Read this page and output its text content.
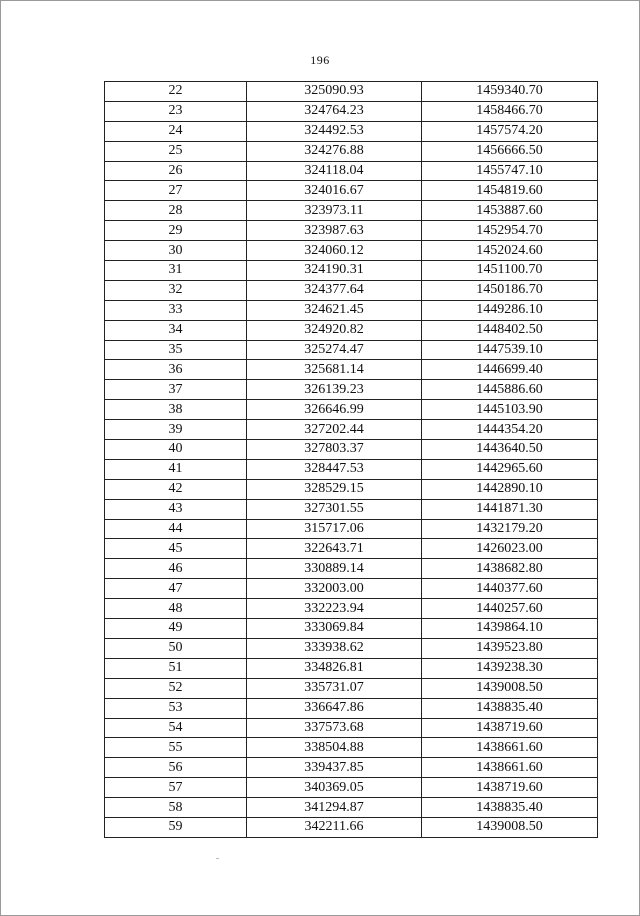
196
22	325090.93	1459340.70
23	324764.23	1458466.70
24	324492.53	1457574.20
25	324276.88	1456666.50
26	324118.04	1455747.10
27	324016.67	1454819.60
28	323973.11	1453887.60
29	323987.63	1452954.70
30	324060.12	1452024.60
31	324190.31	1451100.70
32	324377.64	1450186.70
33	324621.45	1449286.10
34	324920.82	1448402.50
35	325274.47	1447539.10
36	325681.14	1446699.40
37	326139.23	1445886.60
38	326646.99	1445103.90
39	327202.44	1444354.20
40	327803.37	1443640.50
41	328447.53	1442965.60
42	328529.15	1442890.10
43	327301.55	1441871.30
44	315717.06	1432179.20
45	322643.71	1426023.00
46	330889.14	1438682.80
47	332003.00	1440377.60
48	332223.94	1440257.60
49	333069.84	1439864.10
50	333938.62	1439523.80
51	334826.81	1439238.30
52	335731.07	1439008.50
53	336647.86	1438835.40
54	337573.68	1438719.60
55	338504.88	1438661.60
56	339437.85	1438661.60
57	340369.05	1438719.60
58	341294.87	1438835.40
59	342211.66	1439008.50
